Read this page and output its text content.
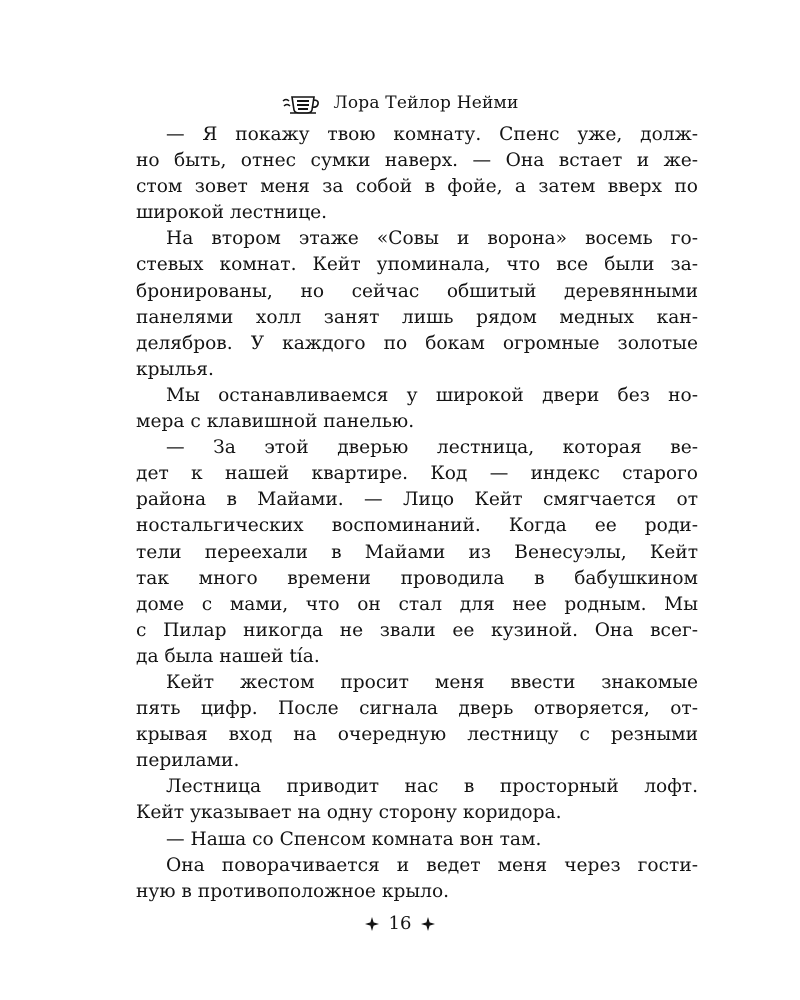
Лора Тейлор Нейми
— Я покажу твою комнату. Спенс уже, долж-
но быть, отнес сумки наверх. — Она встает и же-
стом зовет меня за собой в фойе, а затем вверх по
широкой лестнице.
На втором этаже «Совы и ворона» восемь го-
стевых комнат. Кейт упоминала, что все были за-
бронированы, но сейчас обшитый деревянными
панелями холл занят лишь рядом медных кан-
делябров. У каждого по бокам огромные золотые
крылья.
Мы останавливаемся у широкой двери без но-
мера с клавишной панелью.
— За этой дверью лестница, которая ве-
дет к нашей квартире. Код — индекс старого
района в Майами. — Лицо Кейт смягчается от
ностальгических воспоминаний. Когда ее роди-
тели переехали в Майами из Венесуэлы, Кейт
так много времени проводила в бабушкином
доме с мами, что он стал для нее родным. Мы
с Пилар никогда не звали ее кузиной. Она всег-
да была нашей tía.
Кейт жестом просит меня ввести знакомые
пять цифр. После сигнала дверь отворяется, от-
крывая вход на очередную лестницу с резными
перилами.
Лестница приводит нас в просторный лофт.
Кейт указывает на одну сторону коридора.
— Наша со Спенсом комната вон там.
Она поворачивается и ведет меня через гости-
ную в противоположное крыло.
16
